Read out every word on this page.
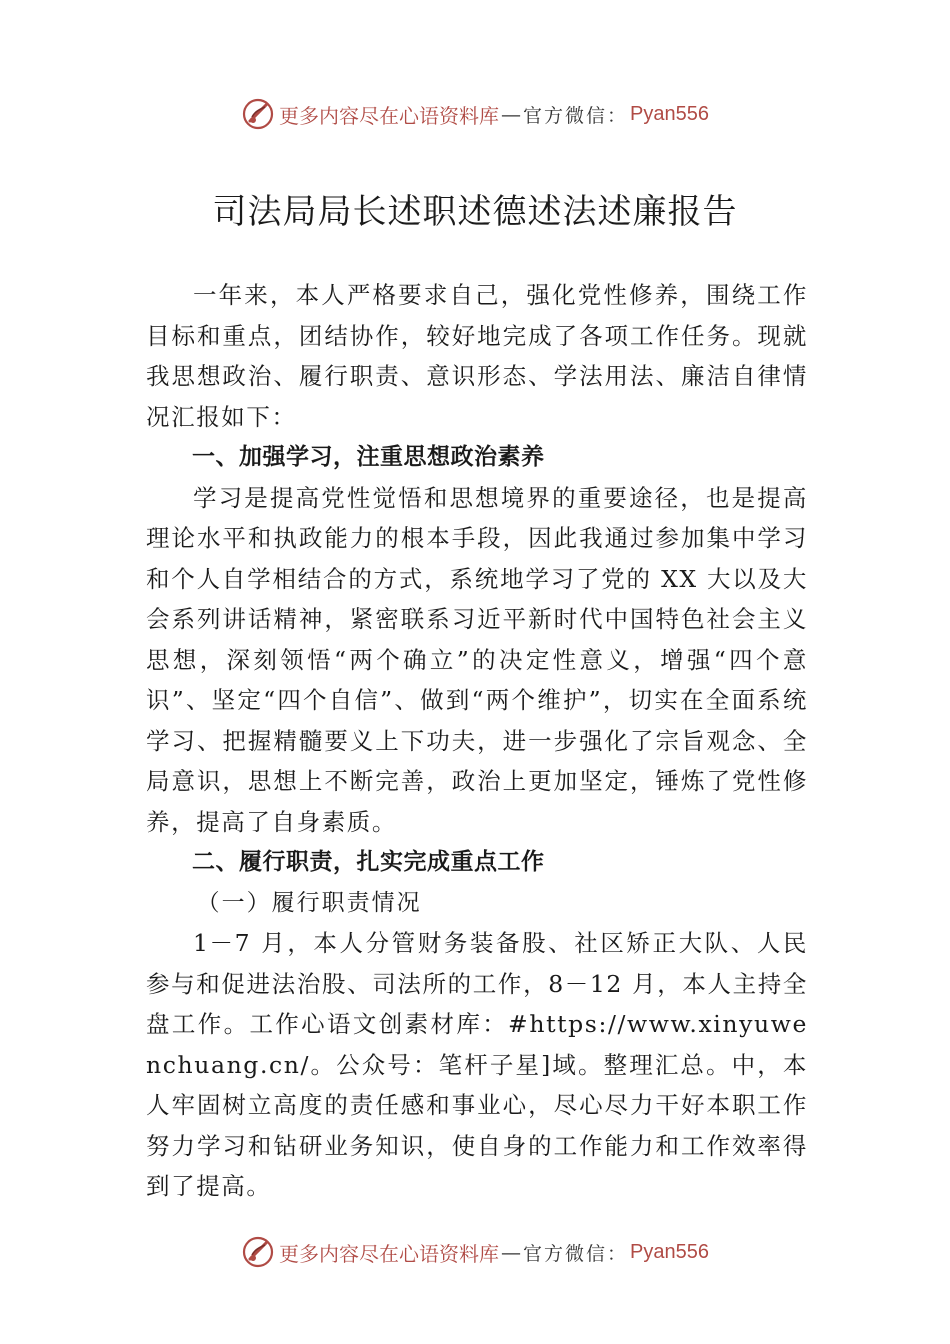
更多内容尽在心语资料库 — 官方微信： Pyan556
司法局局长述职述德述法述廉报告

一年来，本人严格要求自己，强化党性修养，围绕工作目标和重点，团结协作，较好地完成了各项工作任务。现就我思想政治、履行职责、意识形态、学法用法、廉洁自律情况汇报如下：

一、加强学习，注重思想政治素养

学习是提高党性觉悟和思想境界的重要途径，也是提高理论水平和执政能力的根本手段，因此我通过参加集中学习和个人自学相结合的方式，系统地学习了党的 XX 大以及大会系列讲话精神，紧密联系习近平新时代中国特色社会主义思想，深刻领悟“两个确立”的决定性意义，增强“四个意识”、坚定“四个自信”、做到“两个维护”，切实在全面系统学习、把握精髓要义上下功夫，进一步强化了宗旨观念、全局意识，思想上不断完善，政治上更加坚定，锤炼了党性修养，提高了自身素质。

二、履行职责，扎实完成重点工作

（一）履行职责情况

1－7 月，本人分管财务装备股、社区矫正大队、人民参与和促进法治股、司法所的工作，8－12 月，本人主持全盘工作。工作心语文创素材库：#https://www.xinyuwenchuang.cn/。公众号：笔杆子星]域。整理汇总。中，本人牢固树立高度的责任感和事业心，尽心尽力干好本职工作努力学习和钻研业务知识，使自身的工作能力和工作效率得到了提高。

更多内容尽在心语资料库 — 官方微信： Pyan556
